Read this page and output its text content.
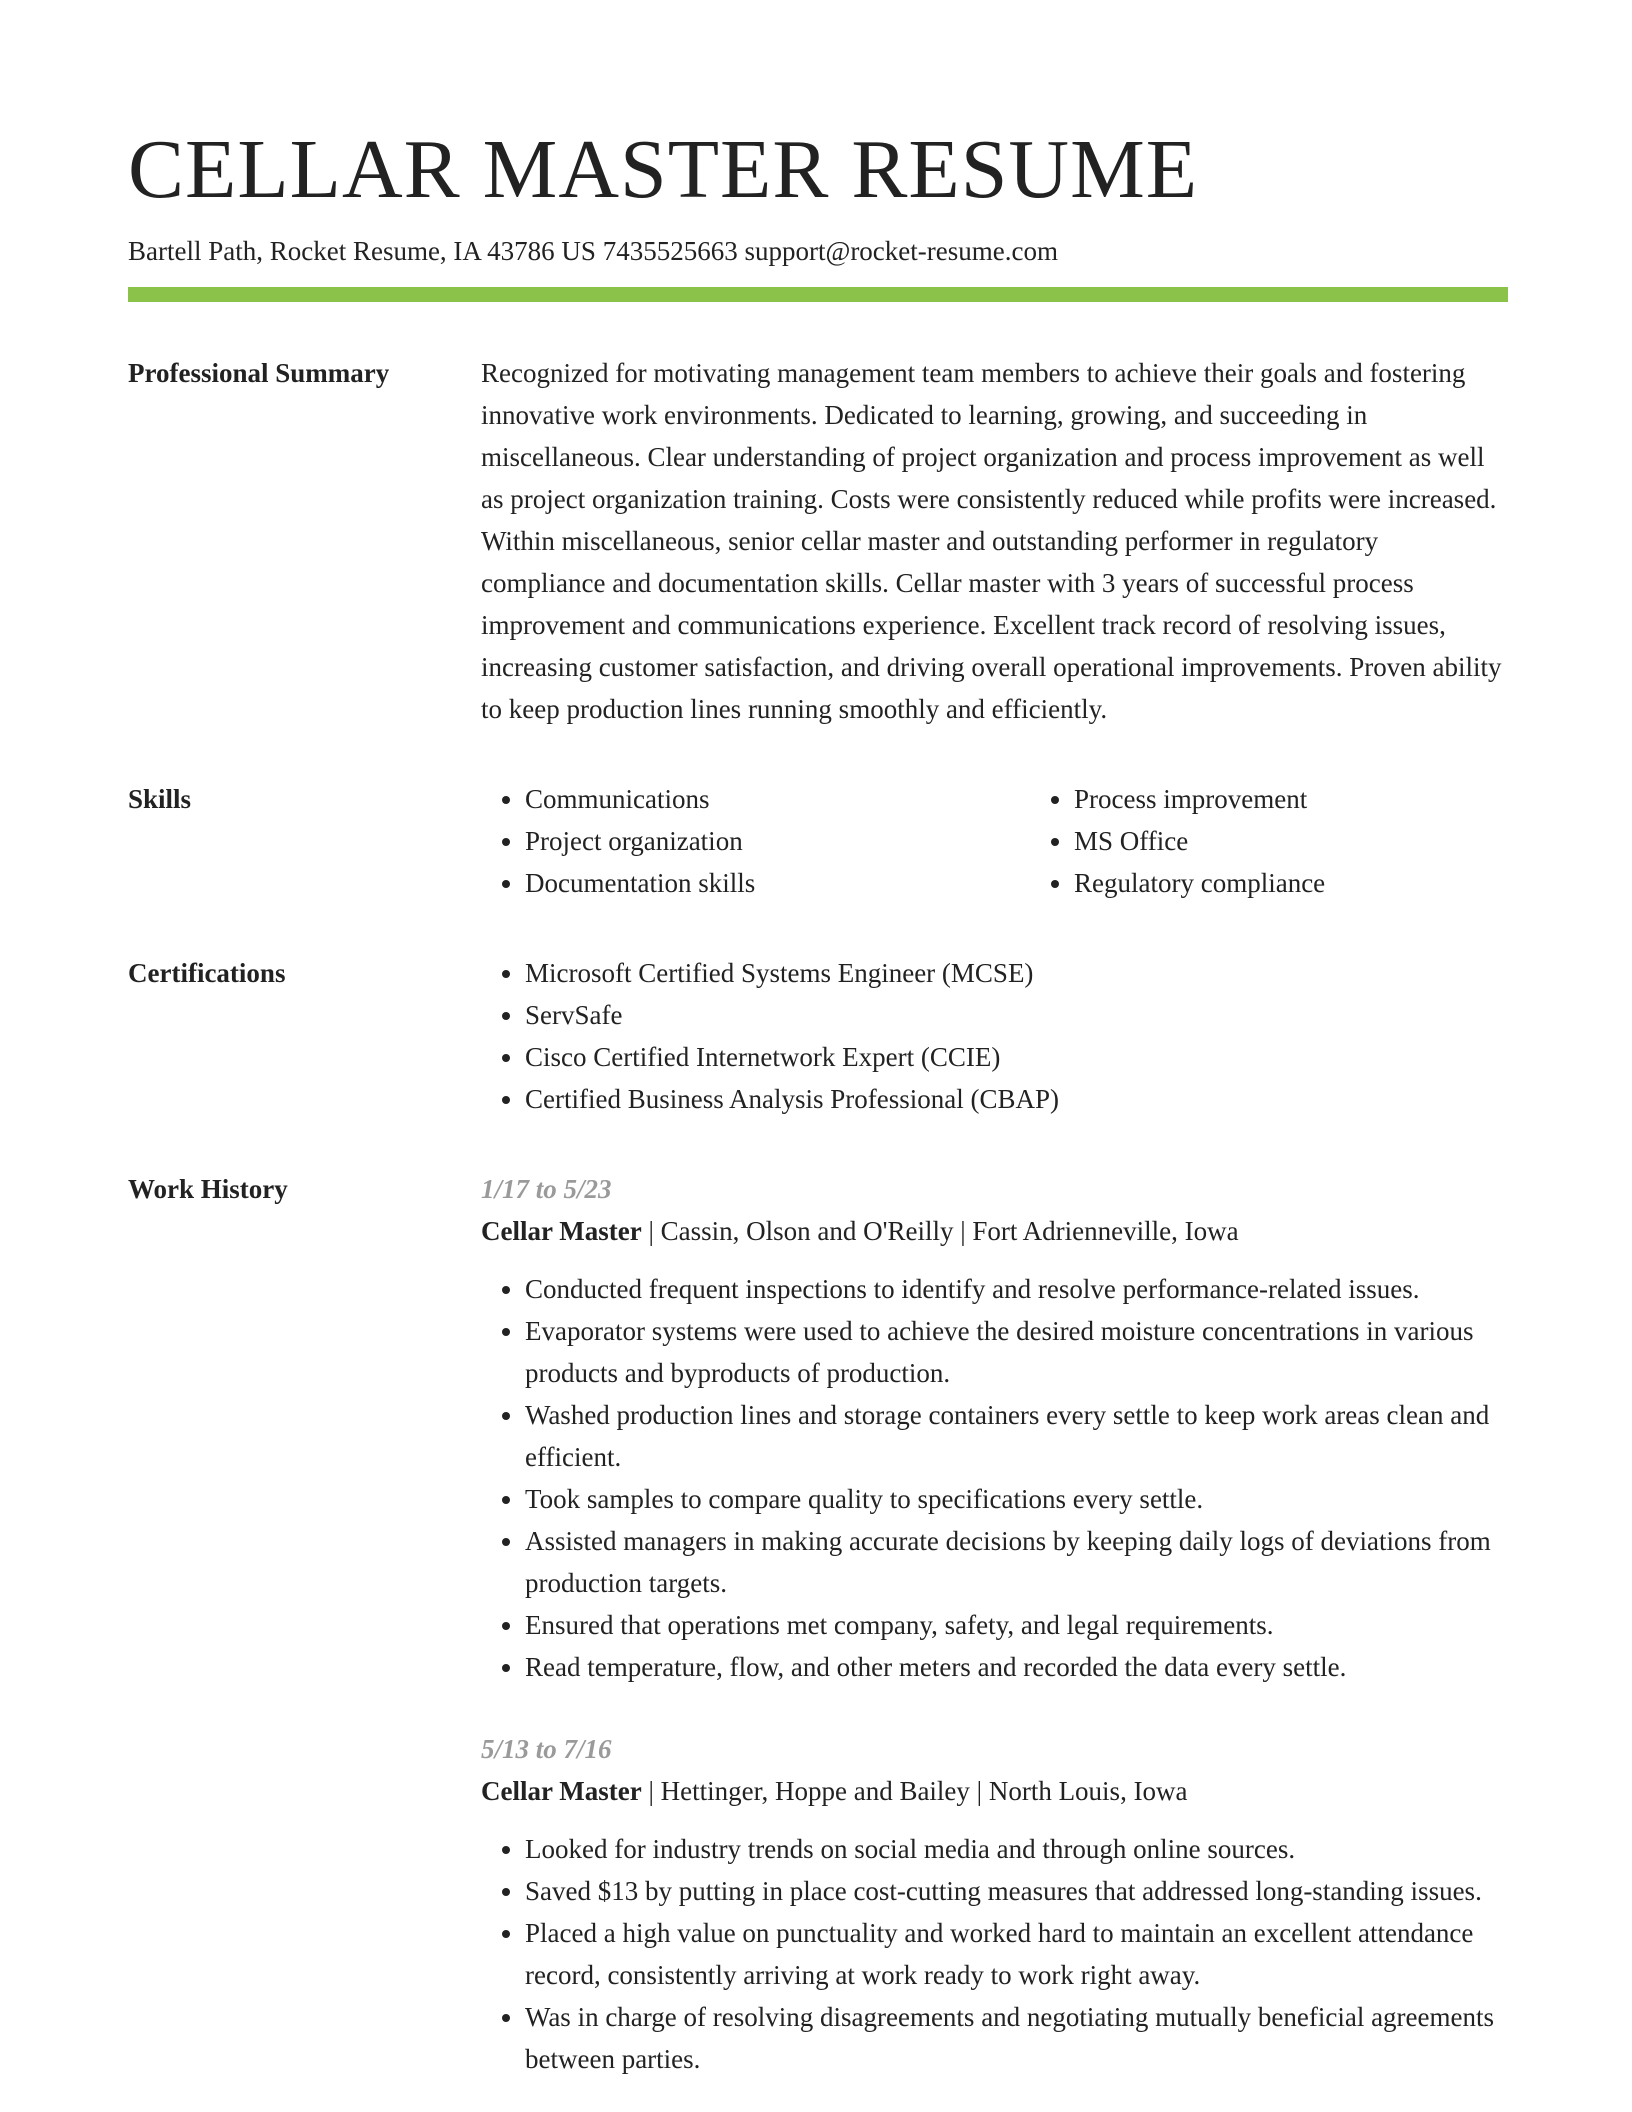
CELLAR MASTER RESUME
Bartell Path, Rocket Resume, IA 43786 US 7435525663 support@rocket-resume.com
Professional Summary	Recognized for motivating management team members to achieve their goals and fostering innovative work environments. Dedicated to learning, growing, and succeeding in miscellaneous. Clear understanding of project organization and process improvement as well as project organization training. Costs were consistently reduced while profits were increased. Within miscellaneous, senior cellar master and outstanding performer in regulatory compliance and documentation skills. Cellar master with 3 years of successful process improvement and communications experience. Excellent track record of resolving issues, increasing customer satisfaction, and driving overall operational improvements. Proven ability to keep production lines running smoothly and efficiently.

Skills	• Communications
• Project organization
• Documentation skills
• Process improvement
• MS Office
• Regulatory compliance
Certifications	• Microsoft Certified Systems Engineer (MCSE)
• ServSafe
• Cisco Certified Internetwork Expert (CCIE)
• Certified Business Analysis Professional (CBAP)
Work History	1/17 to 5/23
Cellar Master | Cassin, Olson and O'Reilly | Fort Adrienneville, Iowa
• Conducted frequent inspections to identify and resolve performance-related issues.
• Evaporator systems were used to achieve the desired moisture concentrations in various products and byproducts of production.
• Washed production lines and storage containers every settle to keep work areas clean and efficient.
• Took samples to compare quality to specifications every settle.
• Assisted managers in making accurate decisions by keeping daily logs of deviations from production targets.
• Ensured that operations met company, safety, and legal requirements.
• Read temperature, flow, and other meters and recorded the data every settle.
5/13 to 7/16
Cellar Master | Hettinger, Hoppe and Bailey | North Louis, Iowa
• Looked for industry trends on social media and through online sources.
• Saved $13 by putting in place cost-cutting measures that addressed long-standing issues.
• Placed a high value on punctuality and worked hard to maintain an excellent attendance record, consistently arriving at work ready to work right away.
• Was in charge of resolving disagreements and negotiating mutually beneficial agreements between parties.
